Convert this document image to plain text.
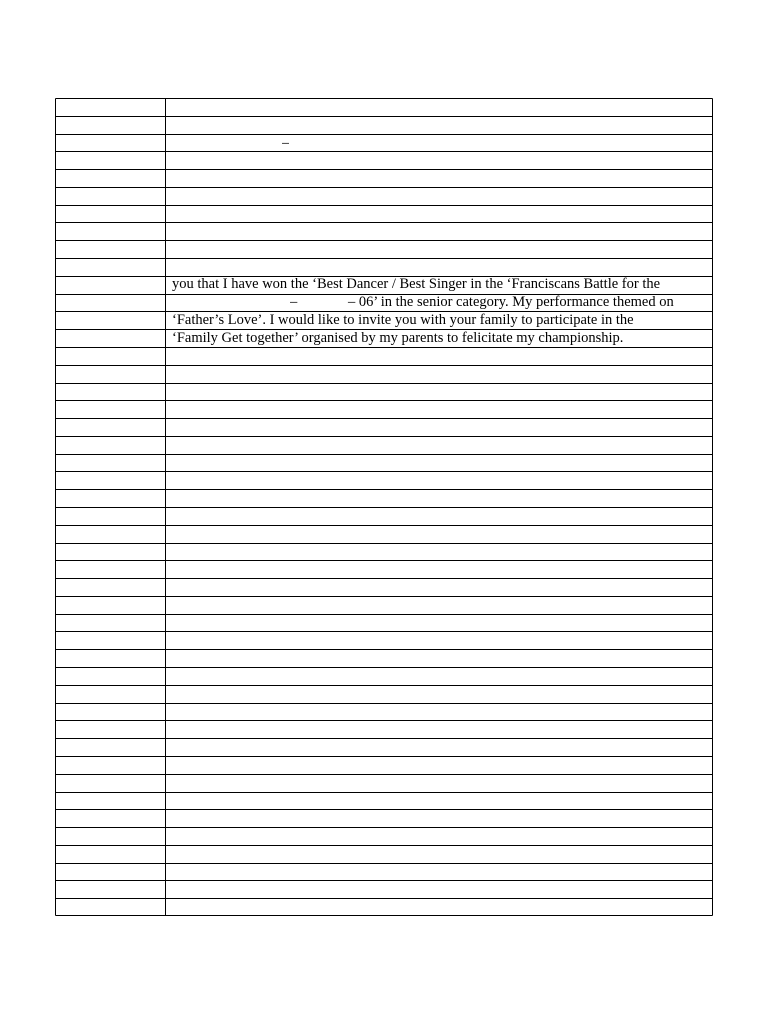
–
you that I have won the ‘Best Dancer / Best Singer in the ‘Franciscans Battle for the
–              – 06’ in the senior category. My performance themed on
‘Father’s Love’. I would like to invite you with your family to participate in the
‘Family Get together’ organised by my parents to felicitate my championship.
